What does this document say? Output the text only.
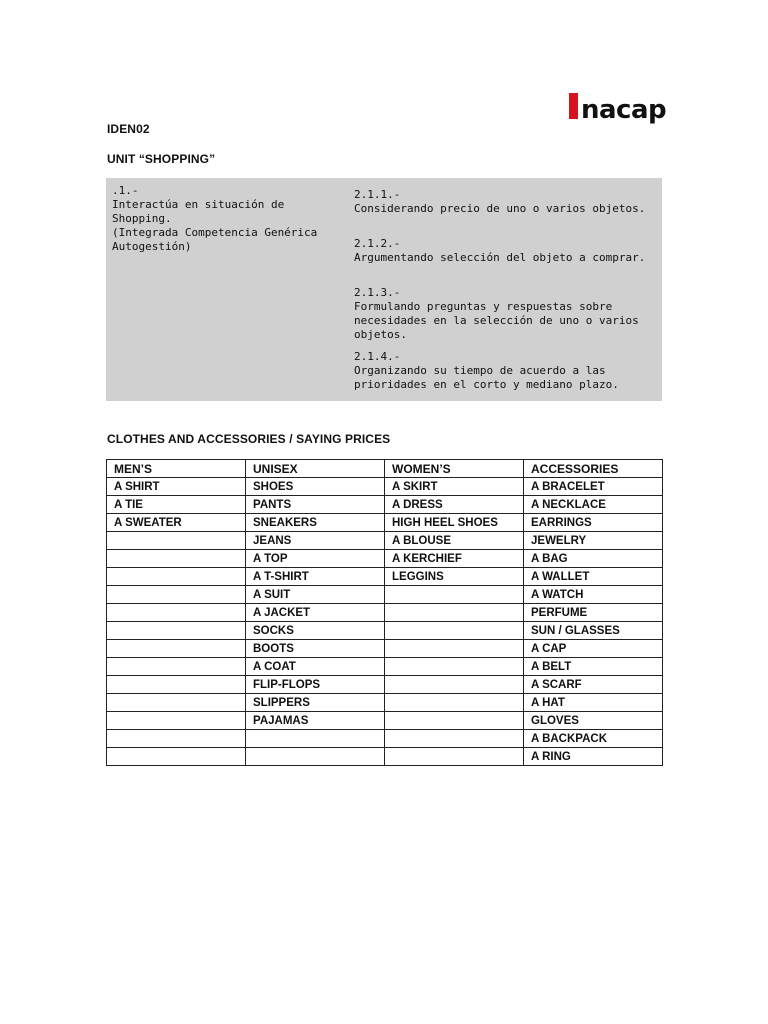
nacap
IDEN02
UNIT “SHOPPING”
.1.-
Interactúa en situación de Shopping.
(Integrada Competencia Genérica
Autogestión)
2.1.1.-
Considerando precio de uno o varios objetos.
2.1.2.-
Argumentando selección del objeto a comprar.
2.1.3.-
Formulando preguntas y respuestas sobre necesidades en la selección de uno o varios objetos.
2.1.4.-
Organizando su tiempo de acuerdo a las prioridades en el corto y mediano plazo.
CLOTHES AND ACCESSORIES / SAYING PRICES
MEN’S	UNISEX	WOMEN’S	ACCESSORIES
A SHIRT	SHOES	A SKIRT	A BRACELET
A TIE	PANTS	A DRESS	A NECKLACE
A SWEATER	SNEAKERS	HIGH HEEL SHOES	EARRINGS
	JEANS	A BLOUSE	JEWELRY
	A TOP	A KERCHIEF	A BAG
	A T-SHIRT	LEGGINS	A WALLET
	A SUIT		A WATCH
	A JACKET		PERFUME
	SOCKS		SUN / GLASSES
	BOOTS		A CAP
	A COAT		A BELT
	FLIP-FLOPS		A SCARF
	SLIPPERS		A HAT
	PAJAMAS		GLOVES
			A BACKPACK
			A RING
